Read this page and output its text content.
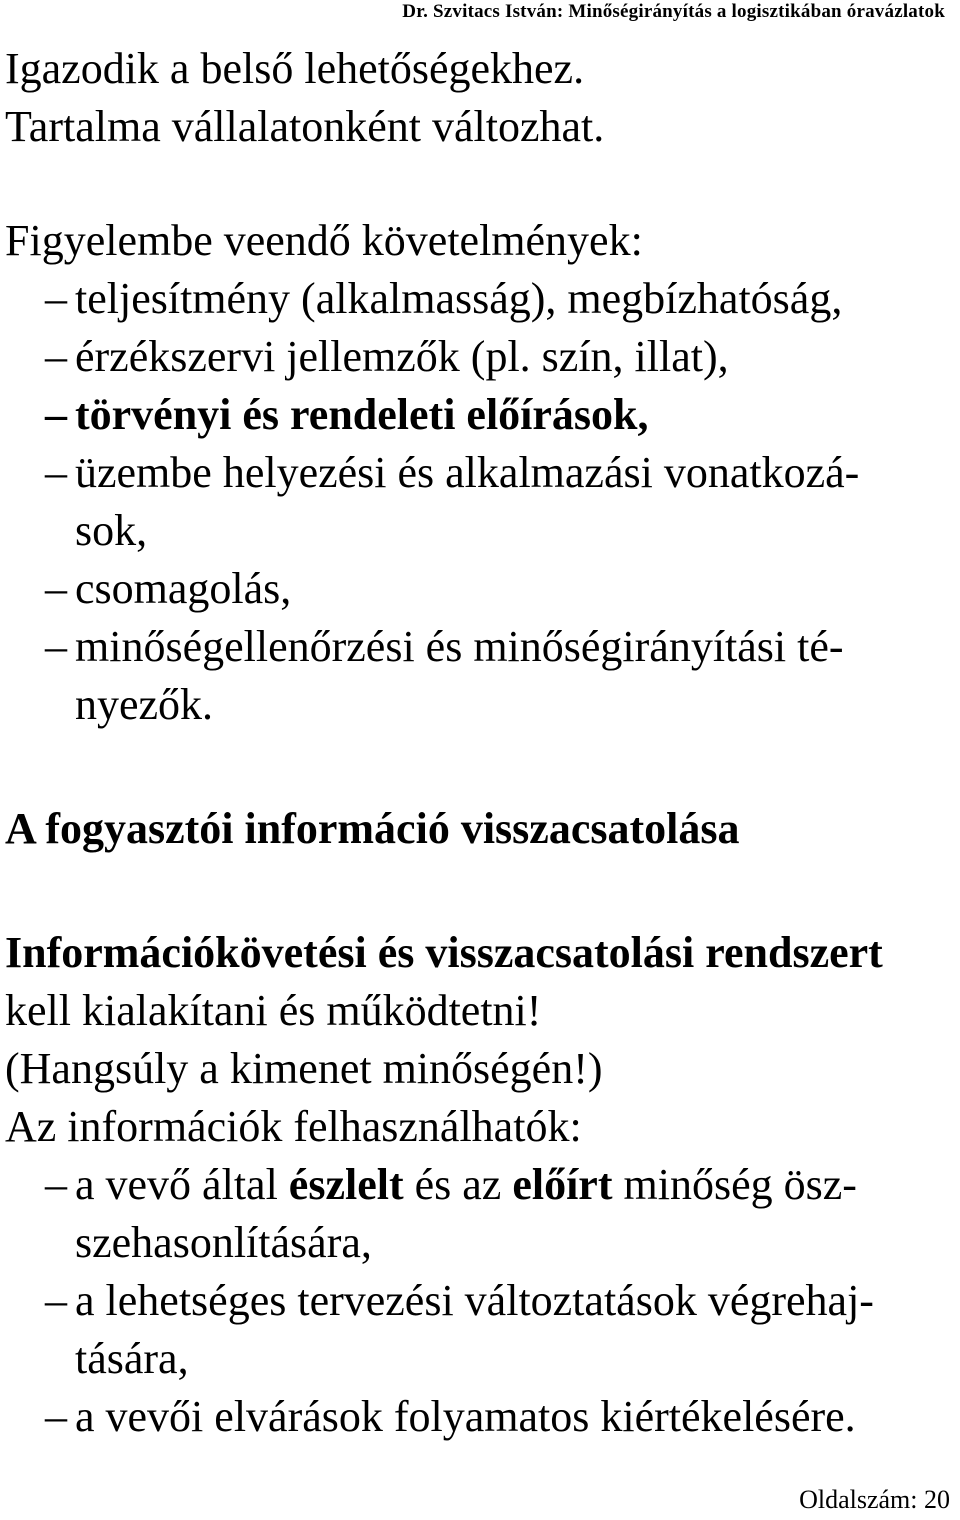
Dr. Szvitacs István: Minőségirányítás a logisztikában óravázlatok
Igazodik a belső lehetőségekhez.
Tartalma vállalatonként változhat.
Figyelembe veendő követelmények:
– teljesítmény (alkalmasság), megbízhatóság,
– érzékszervi jellemzők (pl. szín, illat),
– törvényi és rendeleti előírások,
– üzembe helyezési és alkalmazási vonatkozá-
sok,
– csomagolás,
– minőségellenőrzési és minőségirányítási té-
nyezők.
A fogyasztói információ visszacsatolása
Információkövetési és visszacsatolási rendszert
kell kialakítani és működtetni!
(Hangsúly a kimenet minőségén!)
Az információk felhasználhatók:
– a vevő által észlelt és az előírt minőség ösz-
szehasonlítására,
– a lehetséges tervezési változtatások végrehaj-
tására,
– a vevői elvárások folyamatos kiértékelésére.
Oldalszám: 20
